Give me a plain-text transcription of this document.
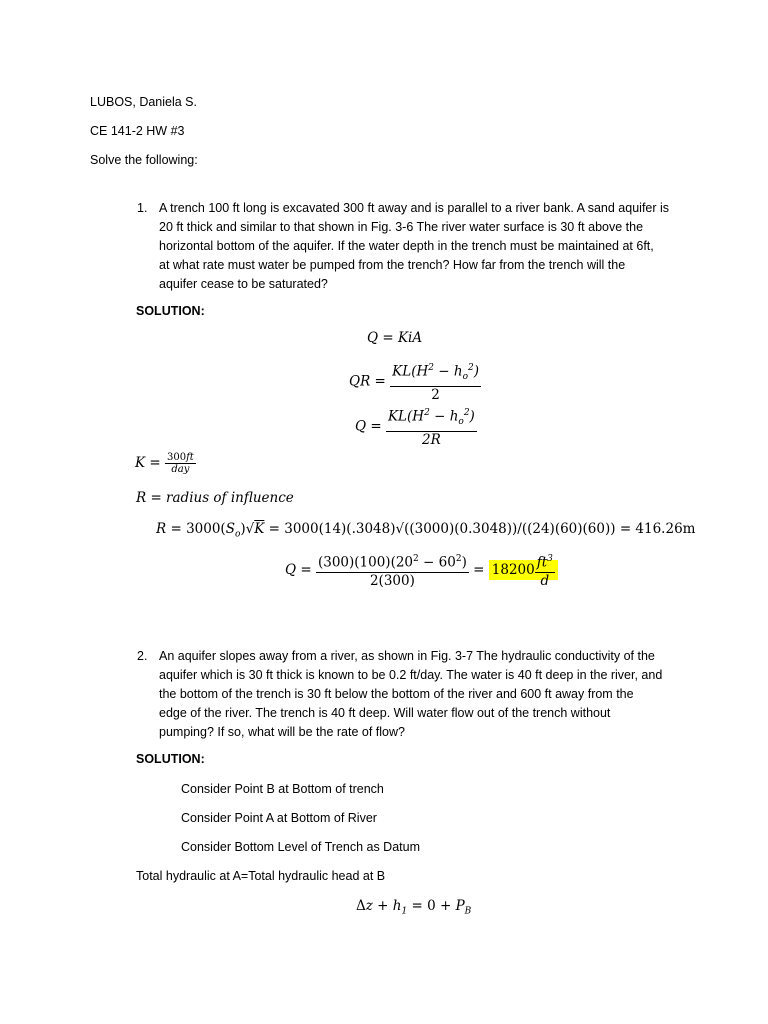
LUBOS, Daniela S.
CE 141-2 HW #3
Solve the following:
1. A trench 100 ft long is excavated 300 ft away and is parallel to a river bank. A sand aquifer is
20 ft thick and similar to that shown in Fig. 3-6 The river water surface is 30 ft above the
horizontal bottom of the aquifer. If the water depth in the trench must be maintained at 6ft,
at what rate must water be pumped from the trench? How far from the trench will the
aquifer cease to be saturated?
SOLUTION:
Q = KiA
QR = $\frac{KL(H^2 - h_o^2)}{2}$
$Q = \frac{KL(H^2 - h_o^2)}{2R}$
$K = \frac{300ft}{\text{day}}$
R = radius of influence
$R = 3000(S_o)√K = 3000(14)(.3048)√((3000)(0.3048))/((24)(60)(60)) = 416.26m$
$Q = \frac{(300)(100)(20^2 - 60^2)}{2(300)} = 18200 \frac{ft^3}{d}$
2. An aquifer slopes away from a river, as shown in Fig. 3-7 The hydraulic conductivity of the
aquifer which is 30 ft thick is known to be 0.2 ft/day. The water is 40 ft deep in the river, and
the bottom of the trench is 30 ft below the bottom of the river and 600 ft away from the
edge of the river. The trench is 40 ft deep. Will water flow out of the trench without
pumping? If so, what will be the rate of flow?
SOLUTION:
Consider Point B at Bottom of trench
Consider Point A at Bottom of River
Consider Bottom Level of Trench as Datum
Total hydraulic at A=Total hydraulic head at B
$\Delta z + h_1 = 0 + P_B$
